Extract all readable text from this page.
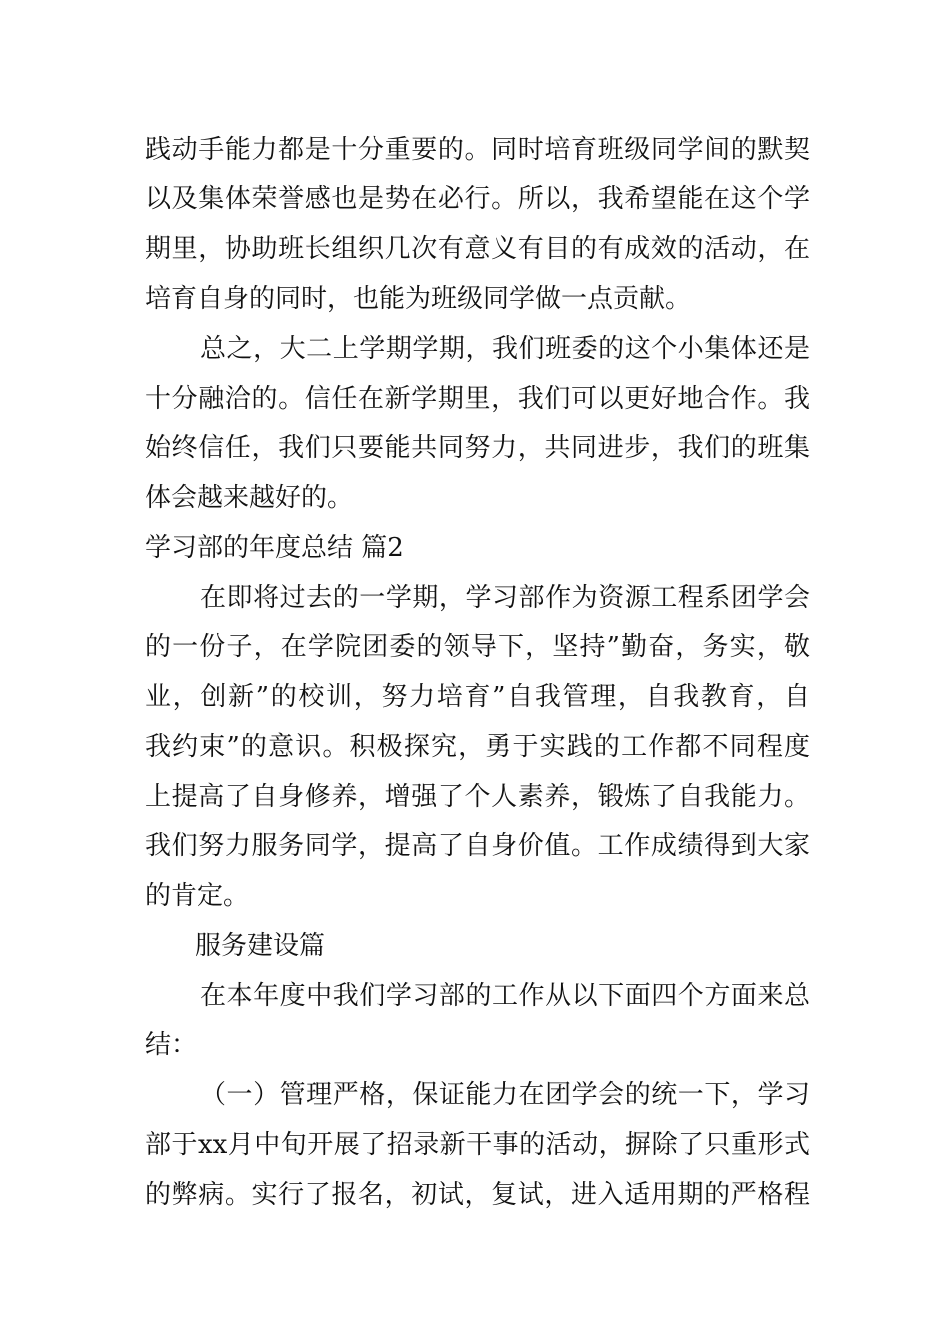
践动手能力都是十分重要的。同时培育班级同学间的默契
以及集体荣誉感也是势在必行。所以，我希望能在这个学
期里，协助班长组织几次有意义有目的有成效的活动，在
培育自身的同时，也能为班级同学做一点贡献。
总之，大二上学期学期，我们班委的这个小集体还是
十分融洽的。信任在新学期里，我们可以更好地合作。我
始终信任，我们只要能共同努力，共同进步，我们的班集
体会越来越好的。
学习部的年度总结 篇2
在即将过去的一学期，学习部作为资源工程系团学会
的一份子，在学院团委的领导下，坚持”勤奋，务实，敬
业，创新”的校训，努力培育”自我管理，自我教育，自
我约束”的意识。积极探究，勇于实践的工作都不同程度
上提高了自身修养，增强了个人素养，锻炼了自我能力。
我们努力服务同学，提高了自身价值。工作成绩得到大家
的肯定。
服务建设篇
在本年度中我们学习部的工作从以下面四个方面来总
结：
（一）管理严格，保证能力在团学会的统一下，学习
部于xx月中旬开展了招录新干事的活动，摒除了只重形式
的弊病。实行了报名，初试，复试，进入适用期的严格程
